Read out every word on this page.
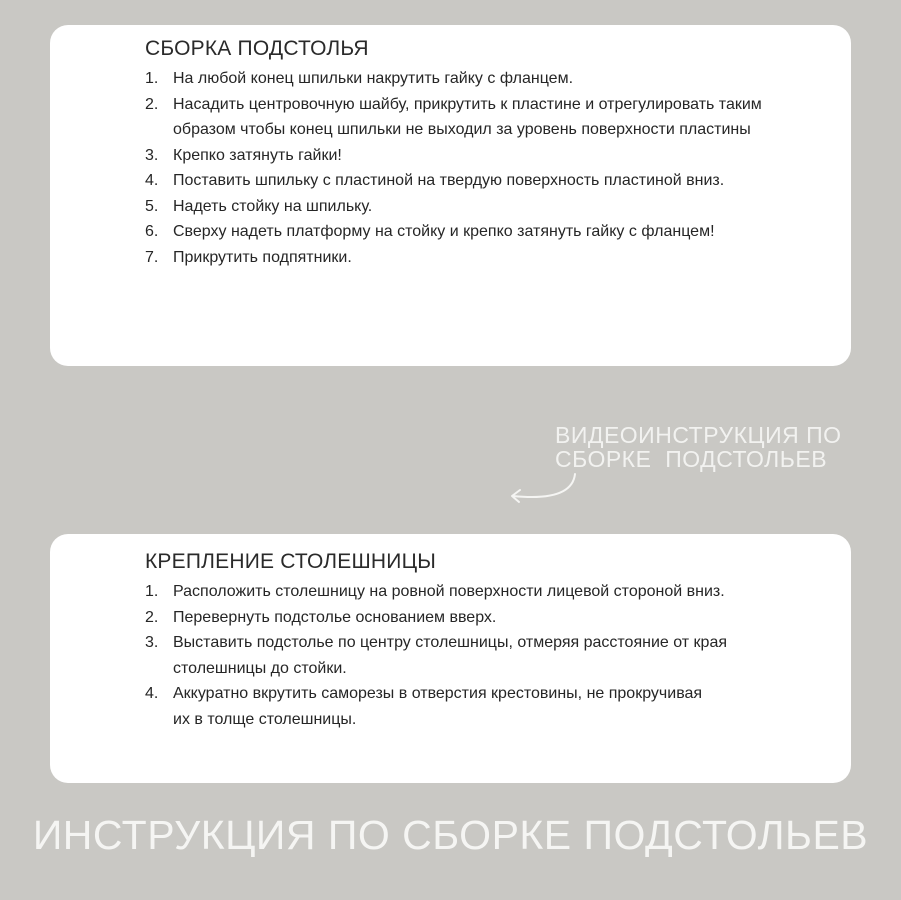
СБОРКА ПОДСТОЛЬЯ
1. На любой конец шпильки накрутить гайку с фланцем.
2. Насадить центровочную шайбу, прикрутить к пластине и отрегулировать таким образом чтобы конец шпильки не выходил за уровень поверхности пластины
3. Крепко затянуть гайки!
4. Поставить шпильку с пластиной на твердую поверхность пластиной вниз.
5. Надеть стойку на шпильку.
6. Сверху надеть платформу на стойку и крепко затянуть гайку с фланцем!
7. Прикрутить подпятники.
ВИДЕОИНСТРУКЦИЯ ПО
СБОРКЕ  ПОДСТОЛЬЕВ
КРЕПЛЕНИЕ СТОЛЕШНИЦЫ
1. Расположить столешницу на ровной поверхности лицевой стороной вниз.
2. Перевернуть подстолье основанием вверх.
3. Выставить подстолье по центру столешницы, отмеряя расстояние от края столешницы до стойки.
4. Аккуратно вкрутить саморезы в отверстия крестовины, не прокручивая их в толще столешницы.
ИНСТРУКЦИЯ ПО СБОРКЕ ПОДСТОЛЬЕВ
